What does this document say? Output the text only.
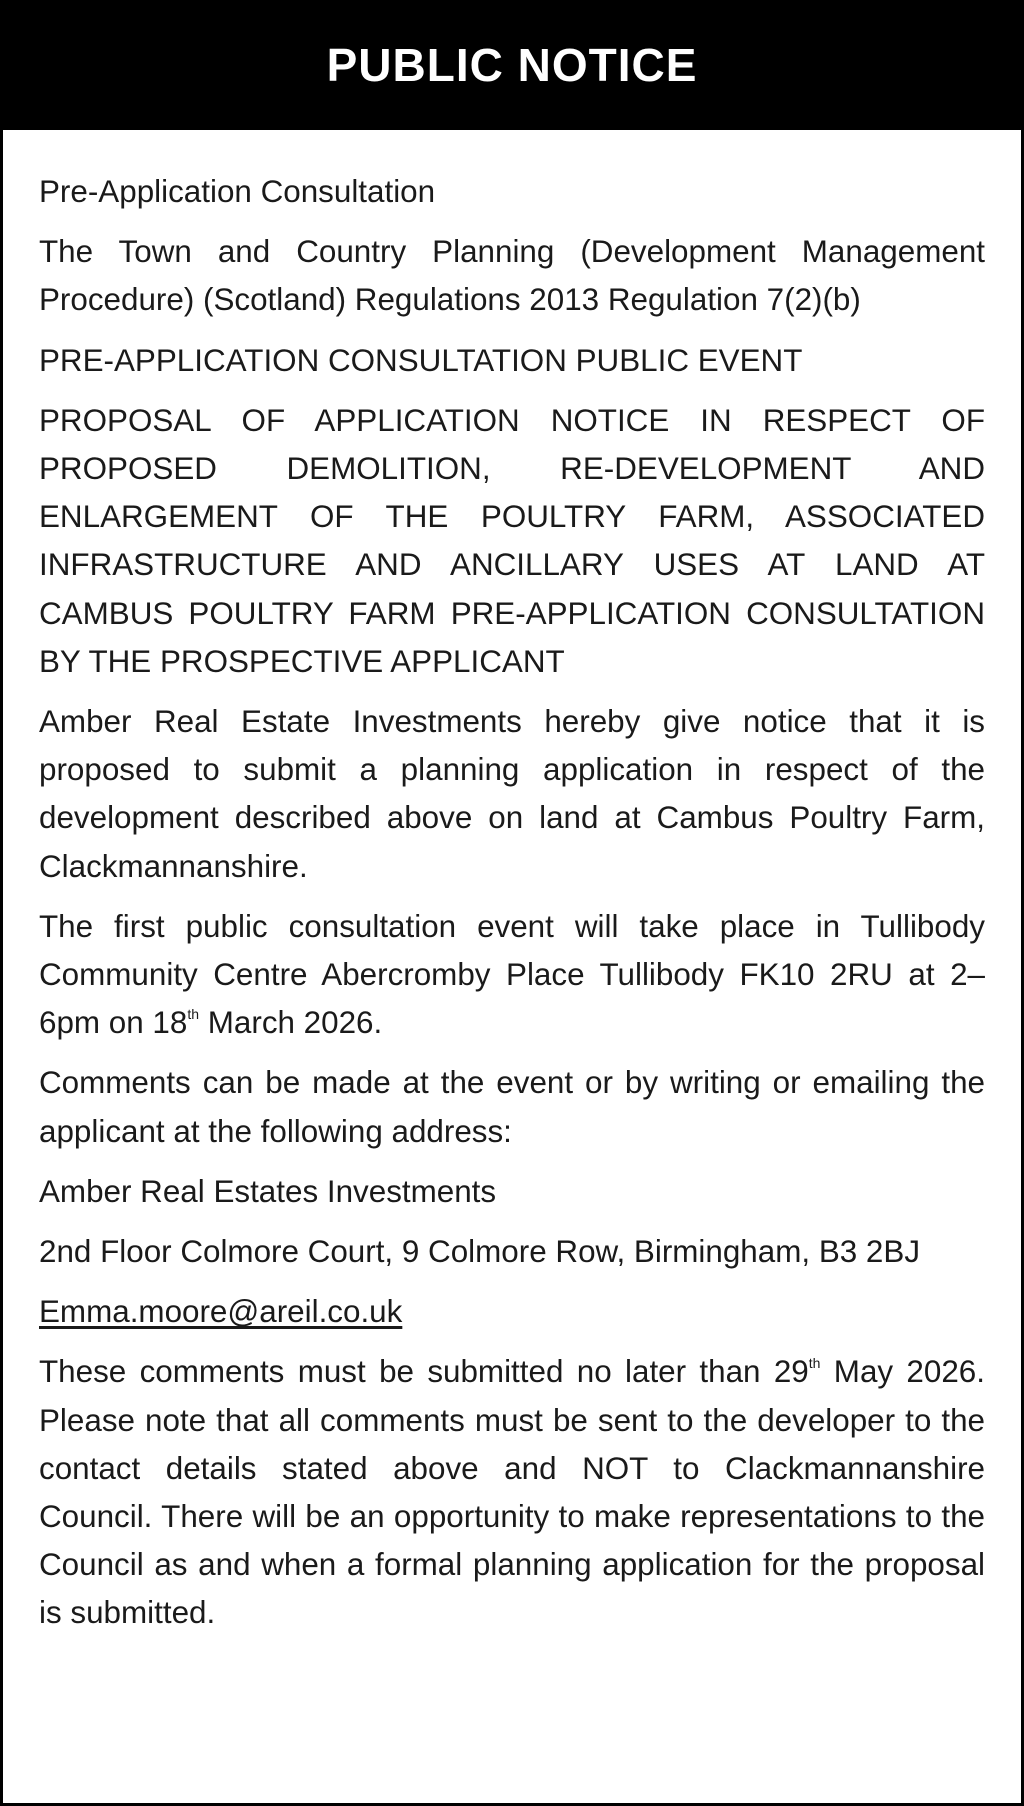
PUBLIC NOTICE

Pre-Application Consultation

The Town and Country Planning (Development Management Procedure) (Scotland) Regulations 2013 Regulation 7(2)(b)

PRE-APPLICATION CONSULTATION PUBLIC EVENT

PROPOSAL OF APPLICATION NOTICE IN RESPECT OF PROPOSED DEMOLITION, RE-DEVELOPMENT AND ENLARGEMENT OF THE POULTRY FARM, ASSOCIATED INFRASTRUCTURE AND ANCILLARY USES AT LAND AT CAMBUS POULTRY FARM PRE-APPLICATION CONSULTATION BY THE PROSPECTIVE APPLICANT

Amber Real Estate Investments hereby give notice that it is proposed to submit a planning application in respect of the development described above on land at Cambus Poultry Farm, Clackmannanshire.

The first public consultation event will take place in Tullibody Community Centre Abercromby Place Tullibody FK10 2RU at 2– 6pm on 18th March 2026.

Comments can be made at the event or by writing or emailing the applicant at the following address:

Amber Real Estates Investments

2nd Floor Colmore Court, 9 Colmore Row, Birmingham, B3 2BJ

Emma.moore@areil.co.uk

These comments must be submitted no later than 29th May 2026. Please note that all comments must be sent to the developer to the contact details stated above and NOT to Clackmannanshire Council. There will be an opportunity to make representations to the Council as and when a formal planning application for the proposal is submitted.
